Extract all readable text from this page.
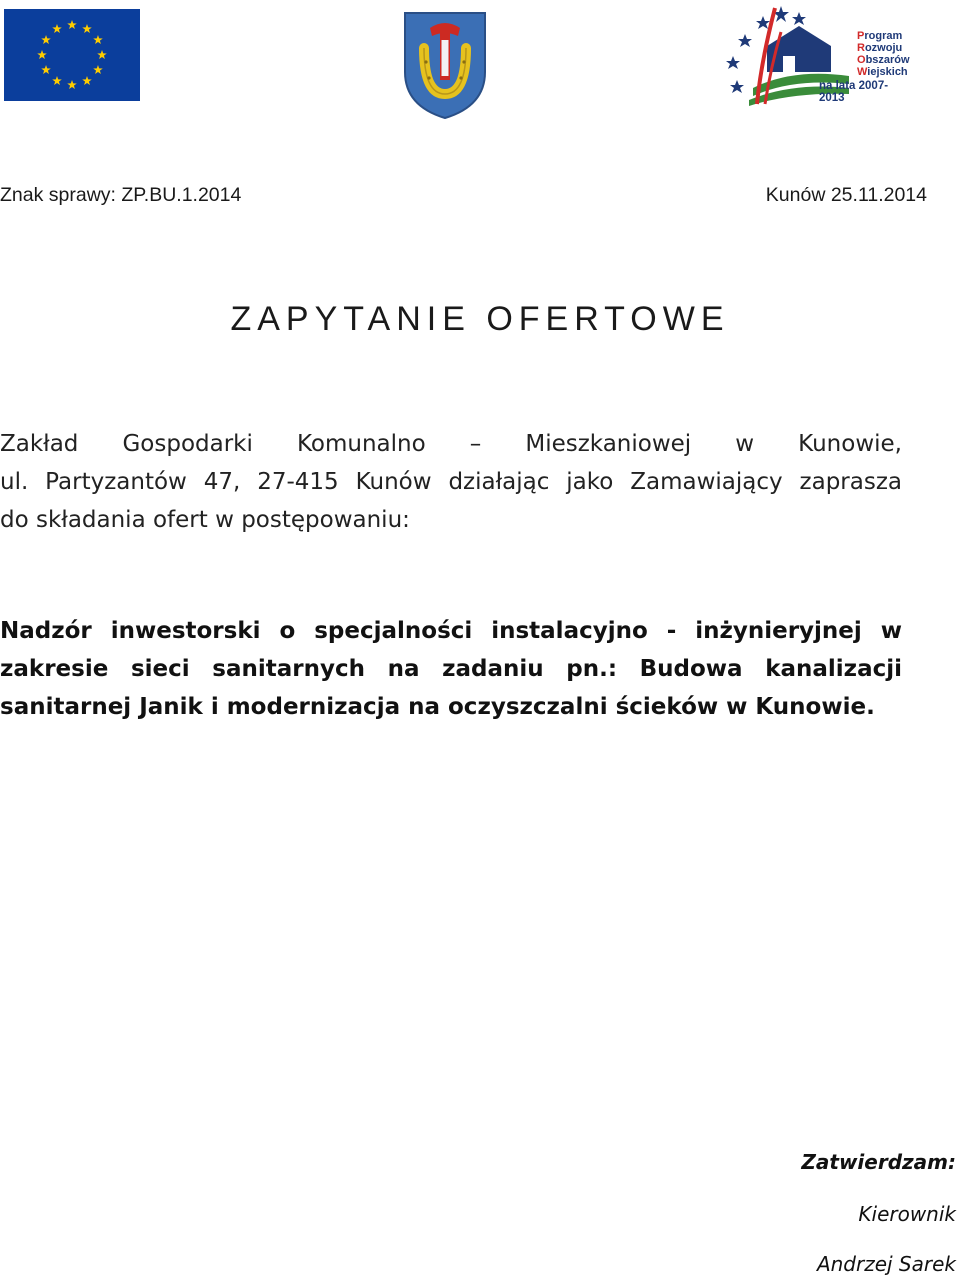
Program
Rozwoju
Obszarów
Wiejskich
na lata 2007-2013
Znak sprawy: ZP.BU.1.2014	Kunów 25.11.2014
ZAPYTANIE OFERTOWE
Zakład Gospodarki Komunalno – Mieszkaniowej w Kunowie,
ul. Partyzantów 47, 27-415 Kunów działając jako Zamawiający zaprasza
do składania ofert w postępowaniu:
Nadzór inwestorski o specjalności instalacyjno - inżynieryjnej w
zakresie sieci sanitarnych na zadaniu pn.: Budowa kanalizacji
sanitarnej Janik i modernizacja na oczyszczalni ścieków w Kunowie.
Zatwierdzam:
Kierownik
Andrzej Sarek
